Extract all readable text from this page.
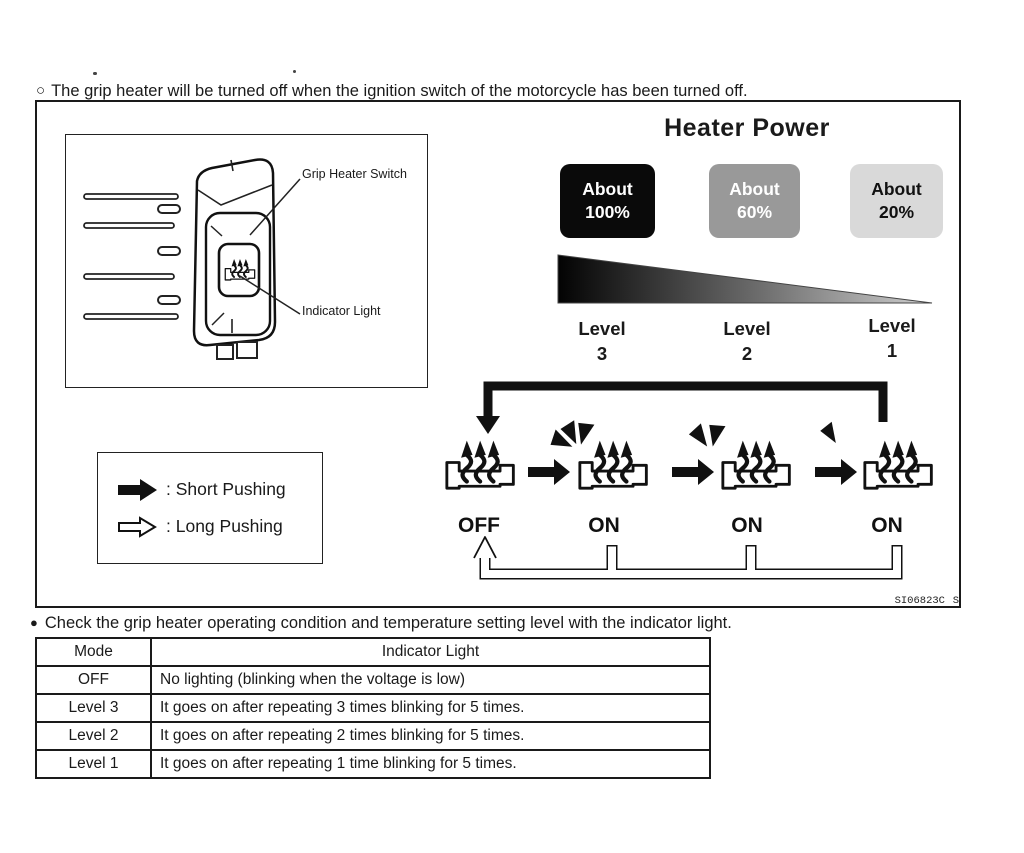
○ The grip heater will be turned off when the ignition switch of the motorcycle has been turned off.
Grip Heater Switch
Indicator Light
Heater Power
About
100%
About
60%
About
20%
Level
3
Level
2
Level
1
: Short Pushing
: Long Pushing	OFF	ON	ON	ON
SI06823C S
● Check the grip heater operating condition and temperature setting level with the indicator light.
Mode	Indicator Light
OFF	No lighting (blinking when the voltage is low)
Level 3	It goes on after repeating 3 times blinking for 5 times.
Level 2	It goes on after repeating 2 times blinking for 5 times.
Level 1	It goes on after repeating 1 time blinking for 5 times.
